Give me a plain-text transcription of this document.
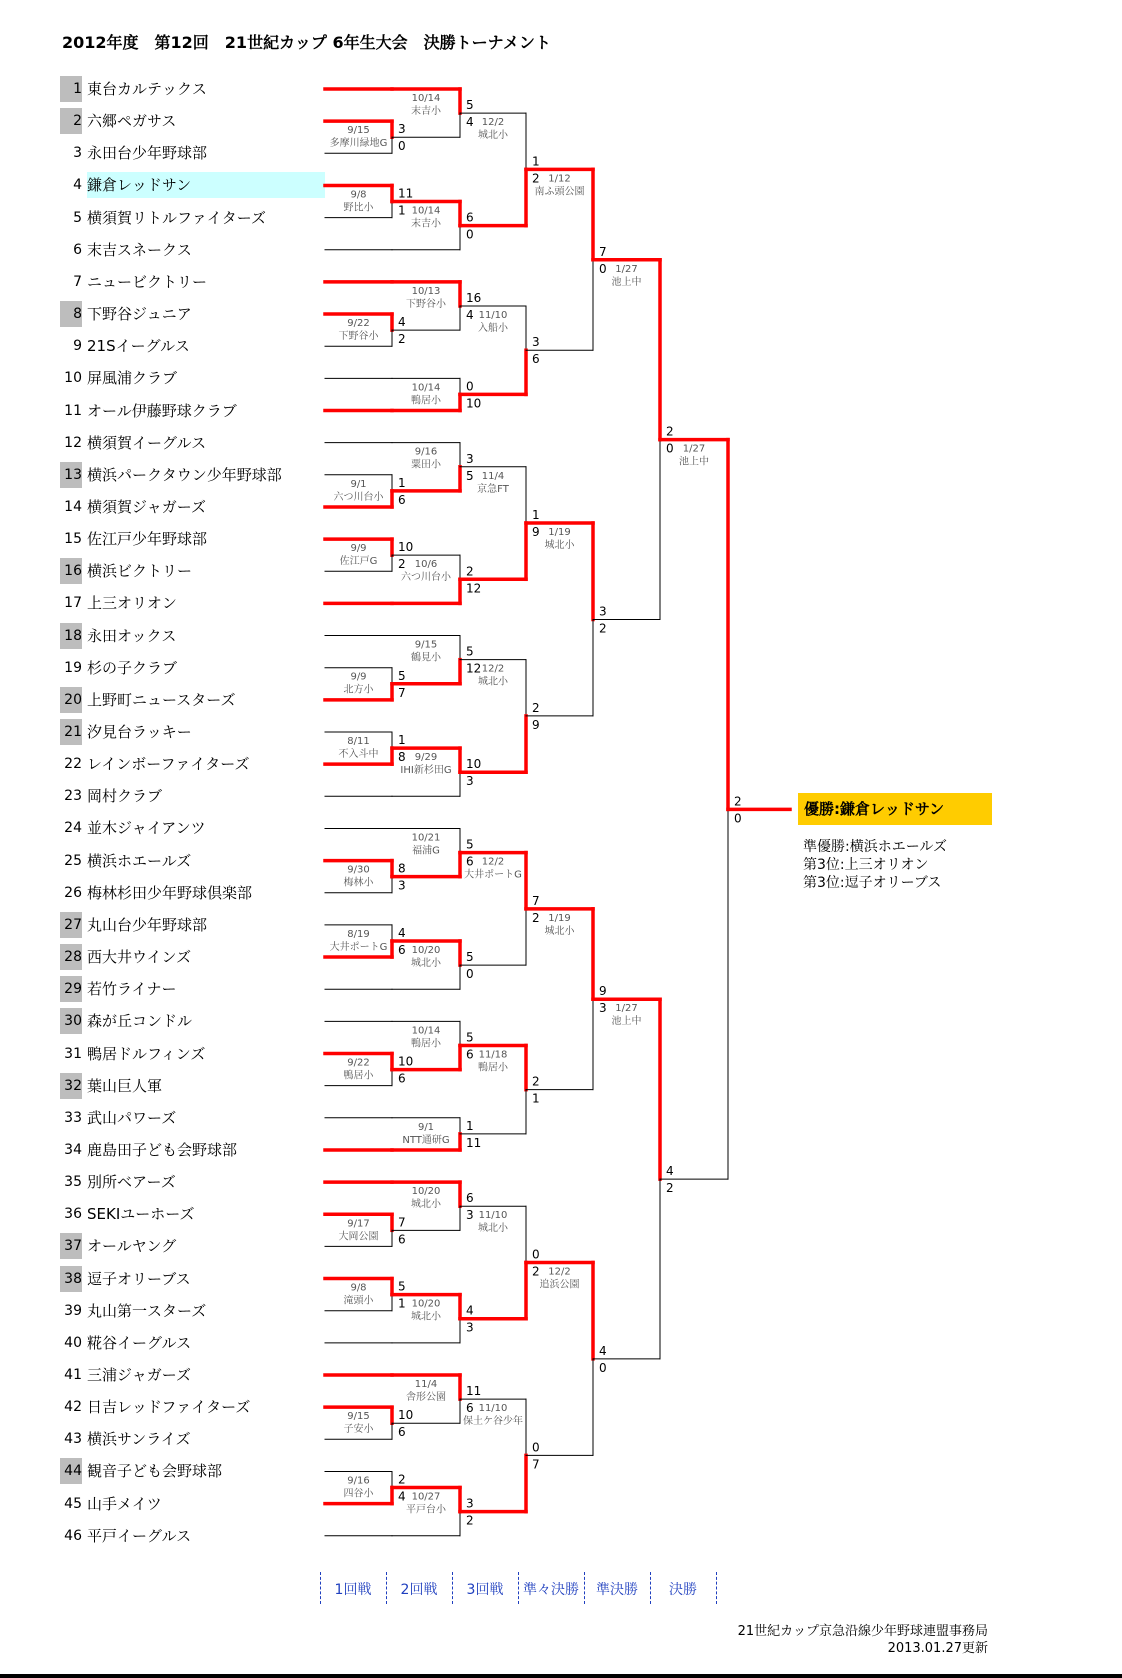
2012年度　第12回　21世紀カップ 6年生大会　決勝トーナメント
1 東台カルテックス
2 六郷ペガサス
3 永田台少年野球部
4 鎌倉レッドサン
5 横須賀リトルファイターズ
6 末吉スネークス
7 ニュービクトリー
8 下野谷ジュニア
9 21Sイーグルス
10 屏風浦クラブ
11 オール伊藤野球クラブ
12 横須賀イーグルス
13 横浜パークタウン少年野球部
14 横須賀ジャガーズ
15 佐江戸少年野球部
16 横浜ビクトリー
17 上三オリオン
18 永田オックス
19 杉の子クラブ
20 上野町ニュースターズ
21 汐見台ラッキー
22 レインボーファイターズ
23 岡村クラブ
24 並木ジャイアンツ
25 横浜ホエールズ
26 梅林杉田少年野球倶楽部
27 丸山台少年野球部
28 西大井ウインズ
29 若竹ライナー
30 森が丘コンドル
31 鴨居ドルフィンズ
32 葉山巨人軍
33 武山パワーズ
34 鹿島田子ども会野球部
35 別所ベアーズ
36 SEKIユーホーズ
37 オールヤング
38 逗子オリーブス
39 丸山第一スターズ
40 糀谷イーグルス
41 三浦ジャガーズ
42 日吉レッドファイターズ
43 横浜サンライズ
44 観音子ども会野球部
45 山手メイツ
46 平戸イーグルス
9/15
多摩川緑地G
3
0
10/14
末吉小 5
4
9/8
野比小
11
1 10/14
末吉小 6
0
12/2
城北小
1
2
9/22
下野谷小
4
2
10/13
下野谷小 16
4
10/14
鴨居小
0
10
11/10
入船小
3
6
1/12
南ふ頭公園
7
0
9/1
六つ川台小
1
6
9/16
粟田小 3
5
9/9
佐江戸G
10
2 10/6
六つ川台小 2
12
11/4
京急FT
1
9
9/9
北方小
5
7
9/15
鶴見小 5
12
8/11
不入斗中
1
8 9/29
IHI新杉田G 10
3
12/2
城北小
2
9
1/19
城北小
3
2
1/27
池上中
2
0
9/30
梅林小
8
3
10/21
福浦G 5
6
8/19
大井ポートG
4
6 10/20
城北小 5
0
12/2
大井ポートG
7
2
9/22
鴨居小
10
6
10/14
鴨居小 5
6
9/1
NTT通研G
1
11
11/18
鴨居小
2
1
1/19
城北小
9
3
9/17
大岡公園
7
6
10/20
城北小 6
3
9/8
滝頭小
5
1 10/20
城北小 4
3
11/10
城北小
0
2
9/15
子安小
10
6
11/4
舎形公園 11
6
9/16
四谷小
2
4 10/27
平戸台小 3
2
11/10
保土ケ谷少年
0
7
12/2
追浜公園
4
0
1/27
池上中
4
2
1/27
池上中
2
0
優勝:鎌倉レッドサン
準優勝:横浜ホエールズ
第3位:上三オリオン
第3位:逗子オリーブス
1回戦	2回戦	3回戦	準々決勝	準決勝	決勝
21世紀カップ京急沿線少年野球連盟事務局
2013.01.27更新
